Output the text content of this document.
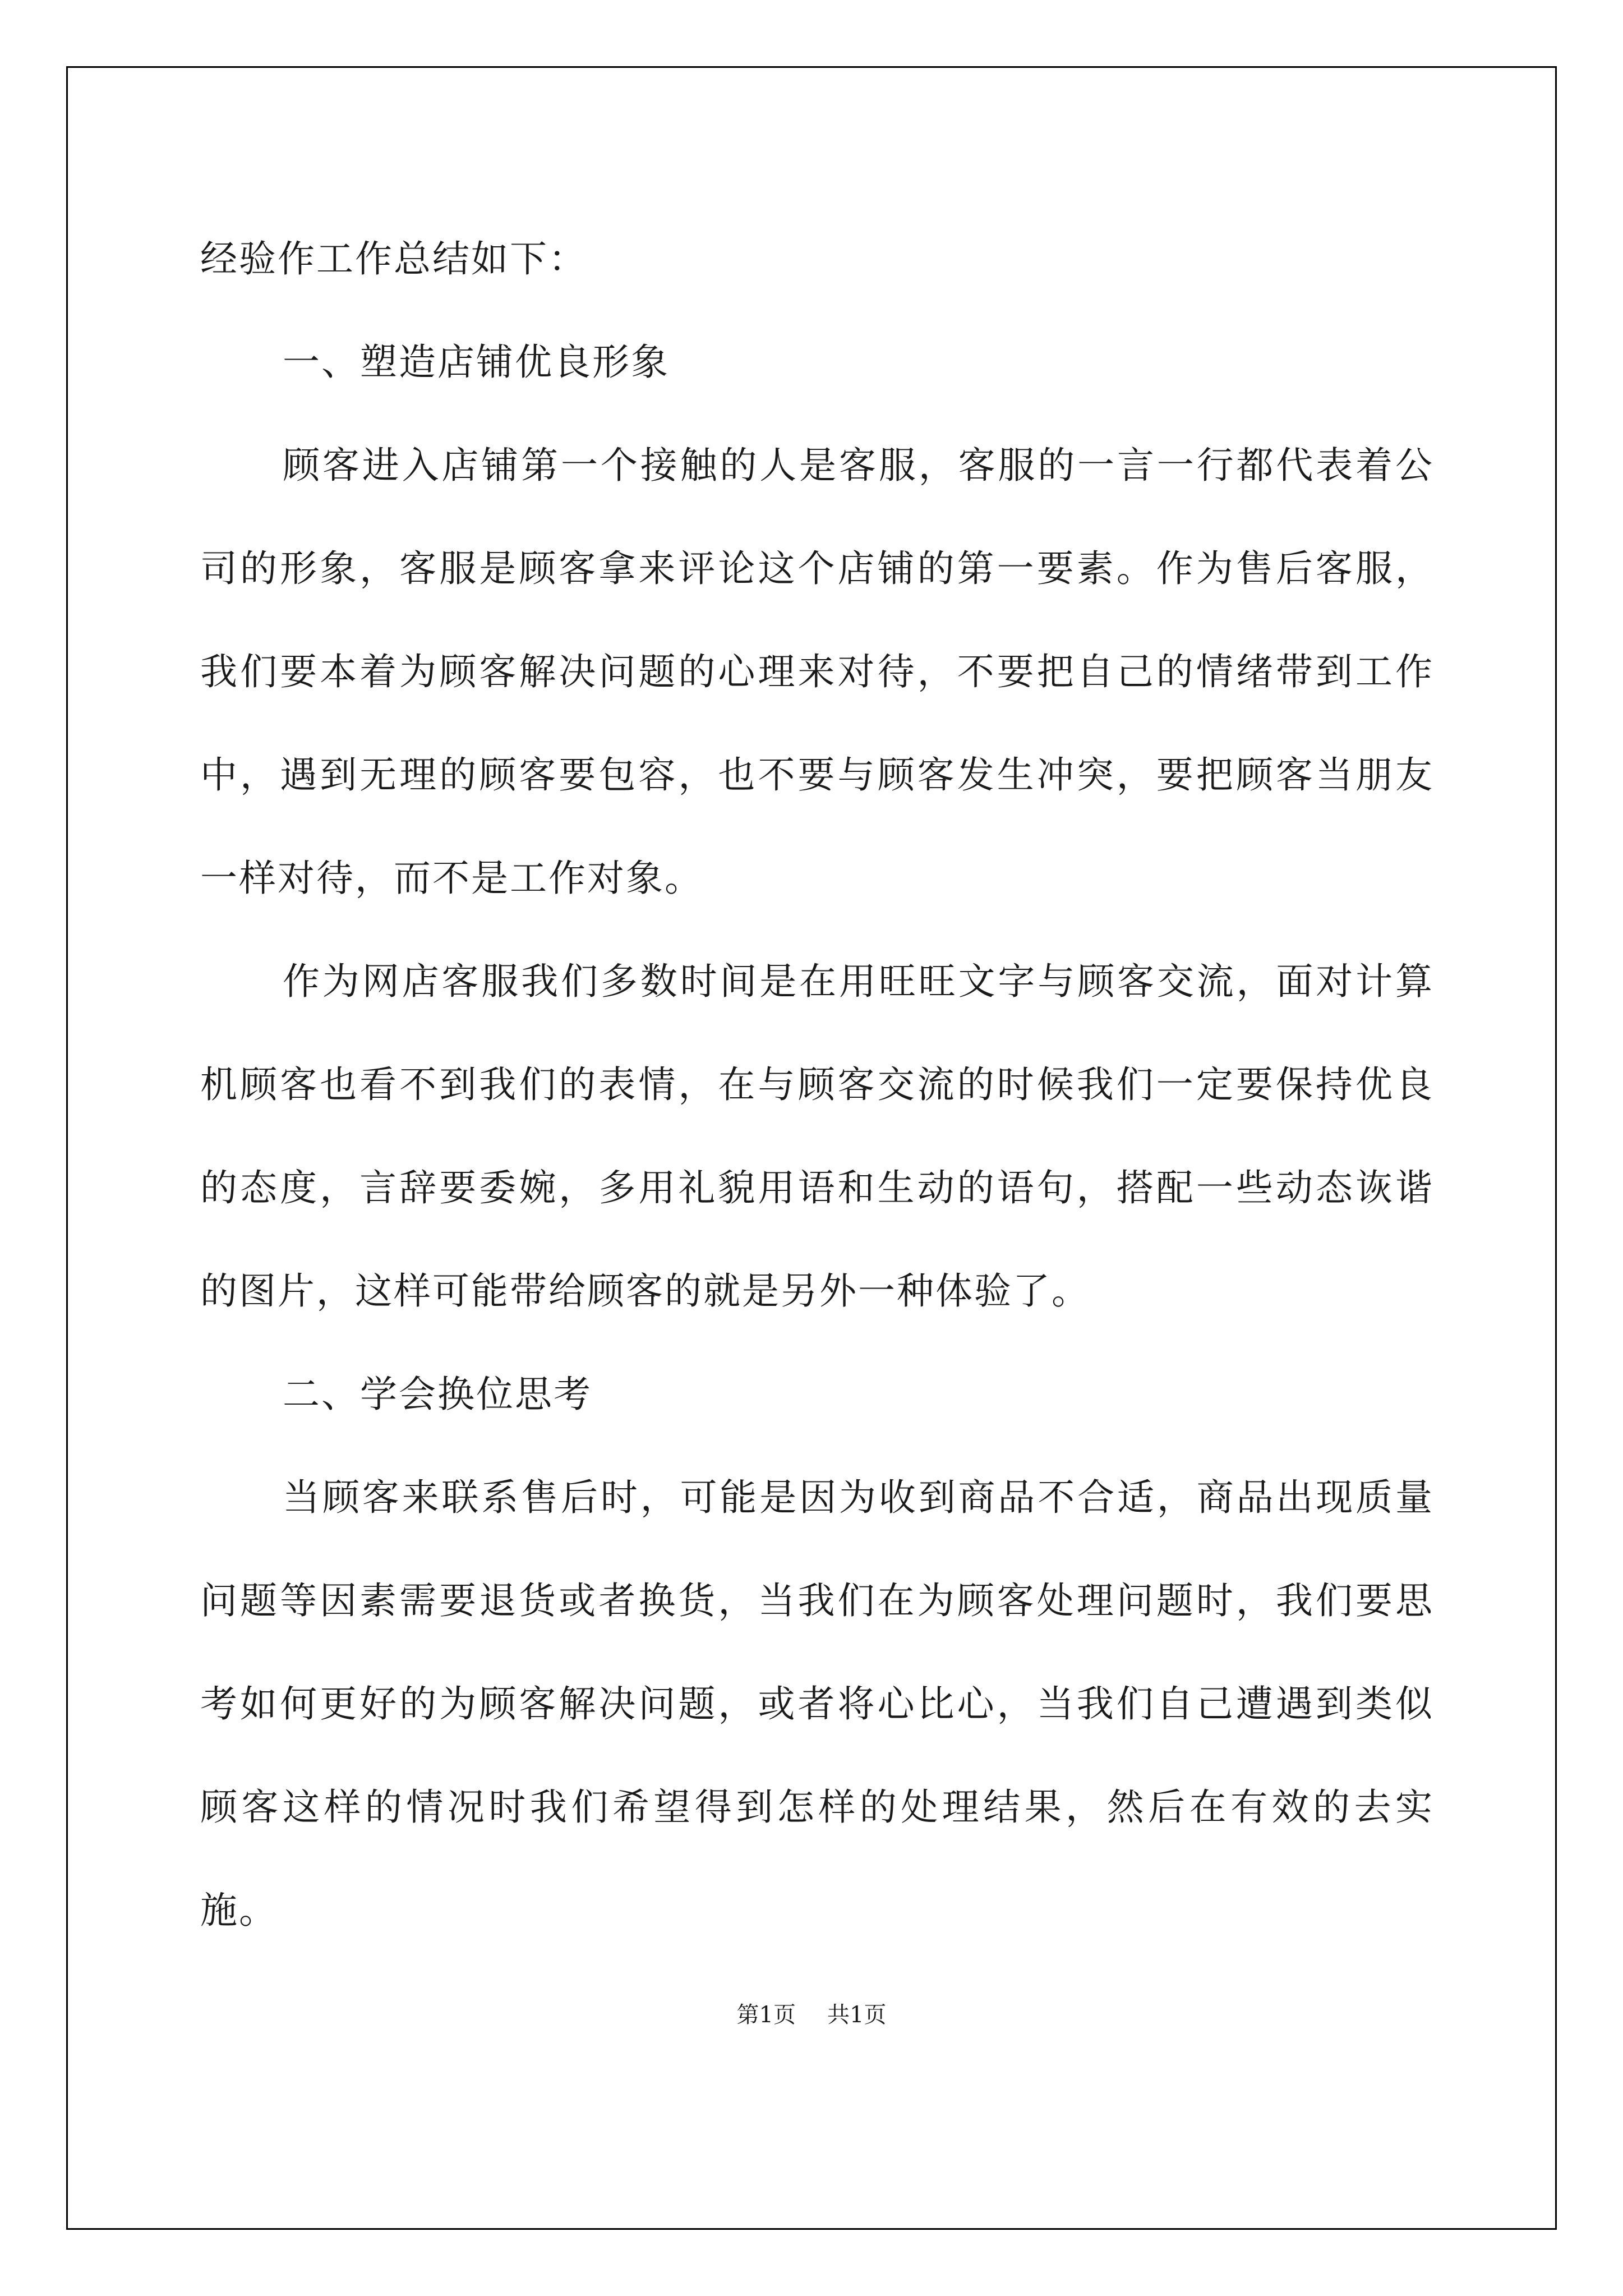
经验作工作总结如下：

一、塑造店铺优良形象

顾客进入店铺第一个接触的人是客服，客服的一言一行都代表着公司的形象，客服是顾客拿来评论这个店铺的第一要素。作为售后客服，我们要本着为顾客解决问题的心理来对待，不要把自己的情绪带到工作中，遇到无理的顾客要包容，也不要与顾客发生冲突，要把顾客当朋友一样对待，而不是工作对象。

作为网店客服我们多数时间是在用旺旺文字与顾客交流，面对计算机顾客也看不到我们的表情，在与顾客交流的时候我们一定要保持优良的态度，言辞要委婉，多用礼貌用语和生动的语句，搭配一些动态诙谐的图片，这样可能带给顾客的就是另外一种体验了。

二、学会换位思考

当顾客来联系售后时，可能是因为收到商品不合适，商品出现质量问题等因素需要退货或者换货，当我们在为顾客处理问题时，我们要思考如何更好的为顾客解决问题，或者将心比心，当我们自己遭遇到类似顾客这样的情况时我们希望得到怎样的处理结果，然后在有效的去实施。

第1页 共1页
